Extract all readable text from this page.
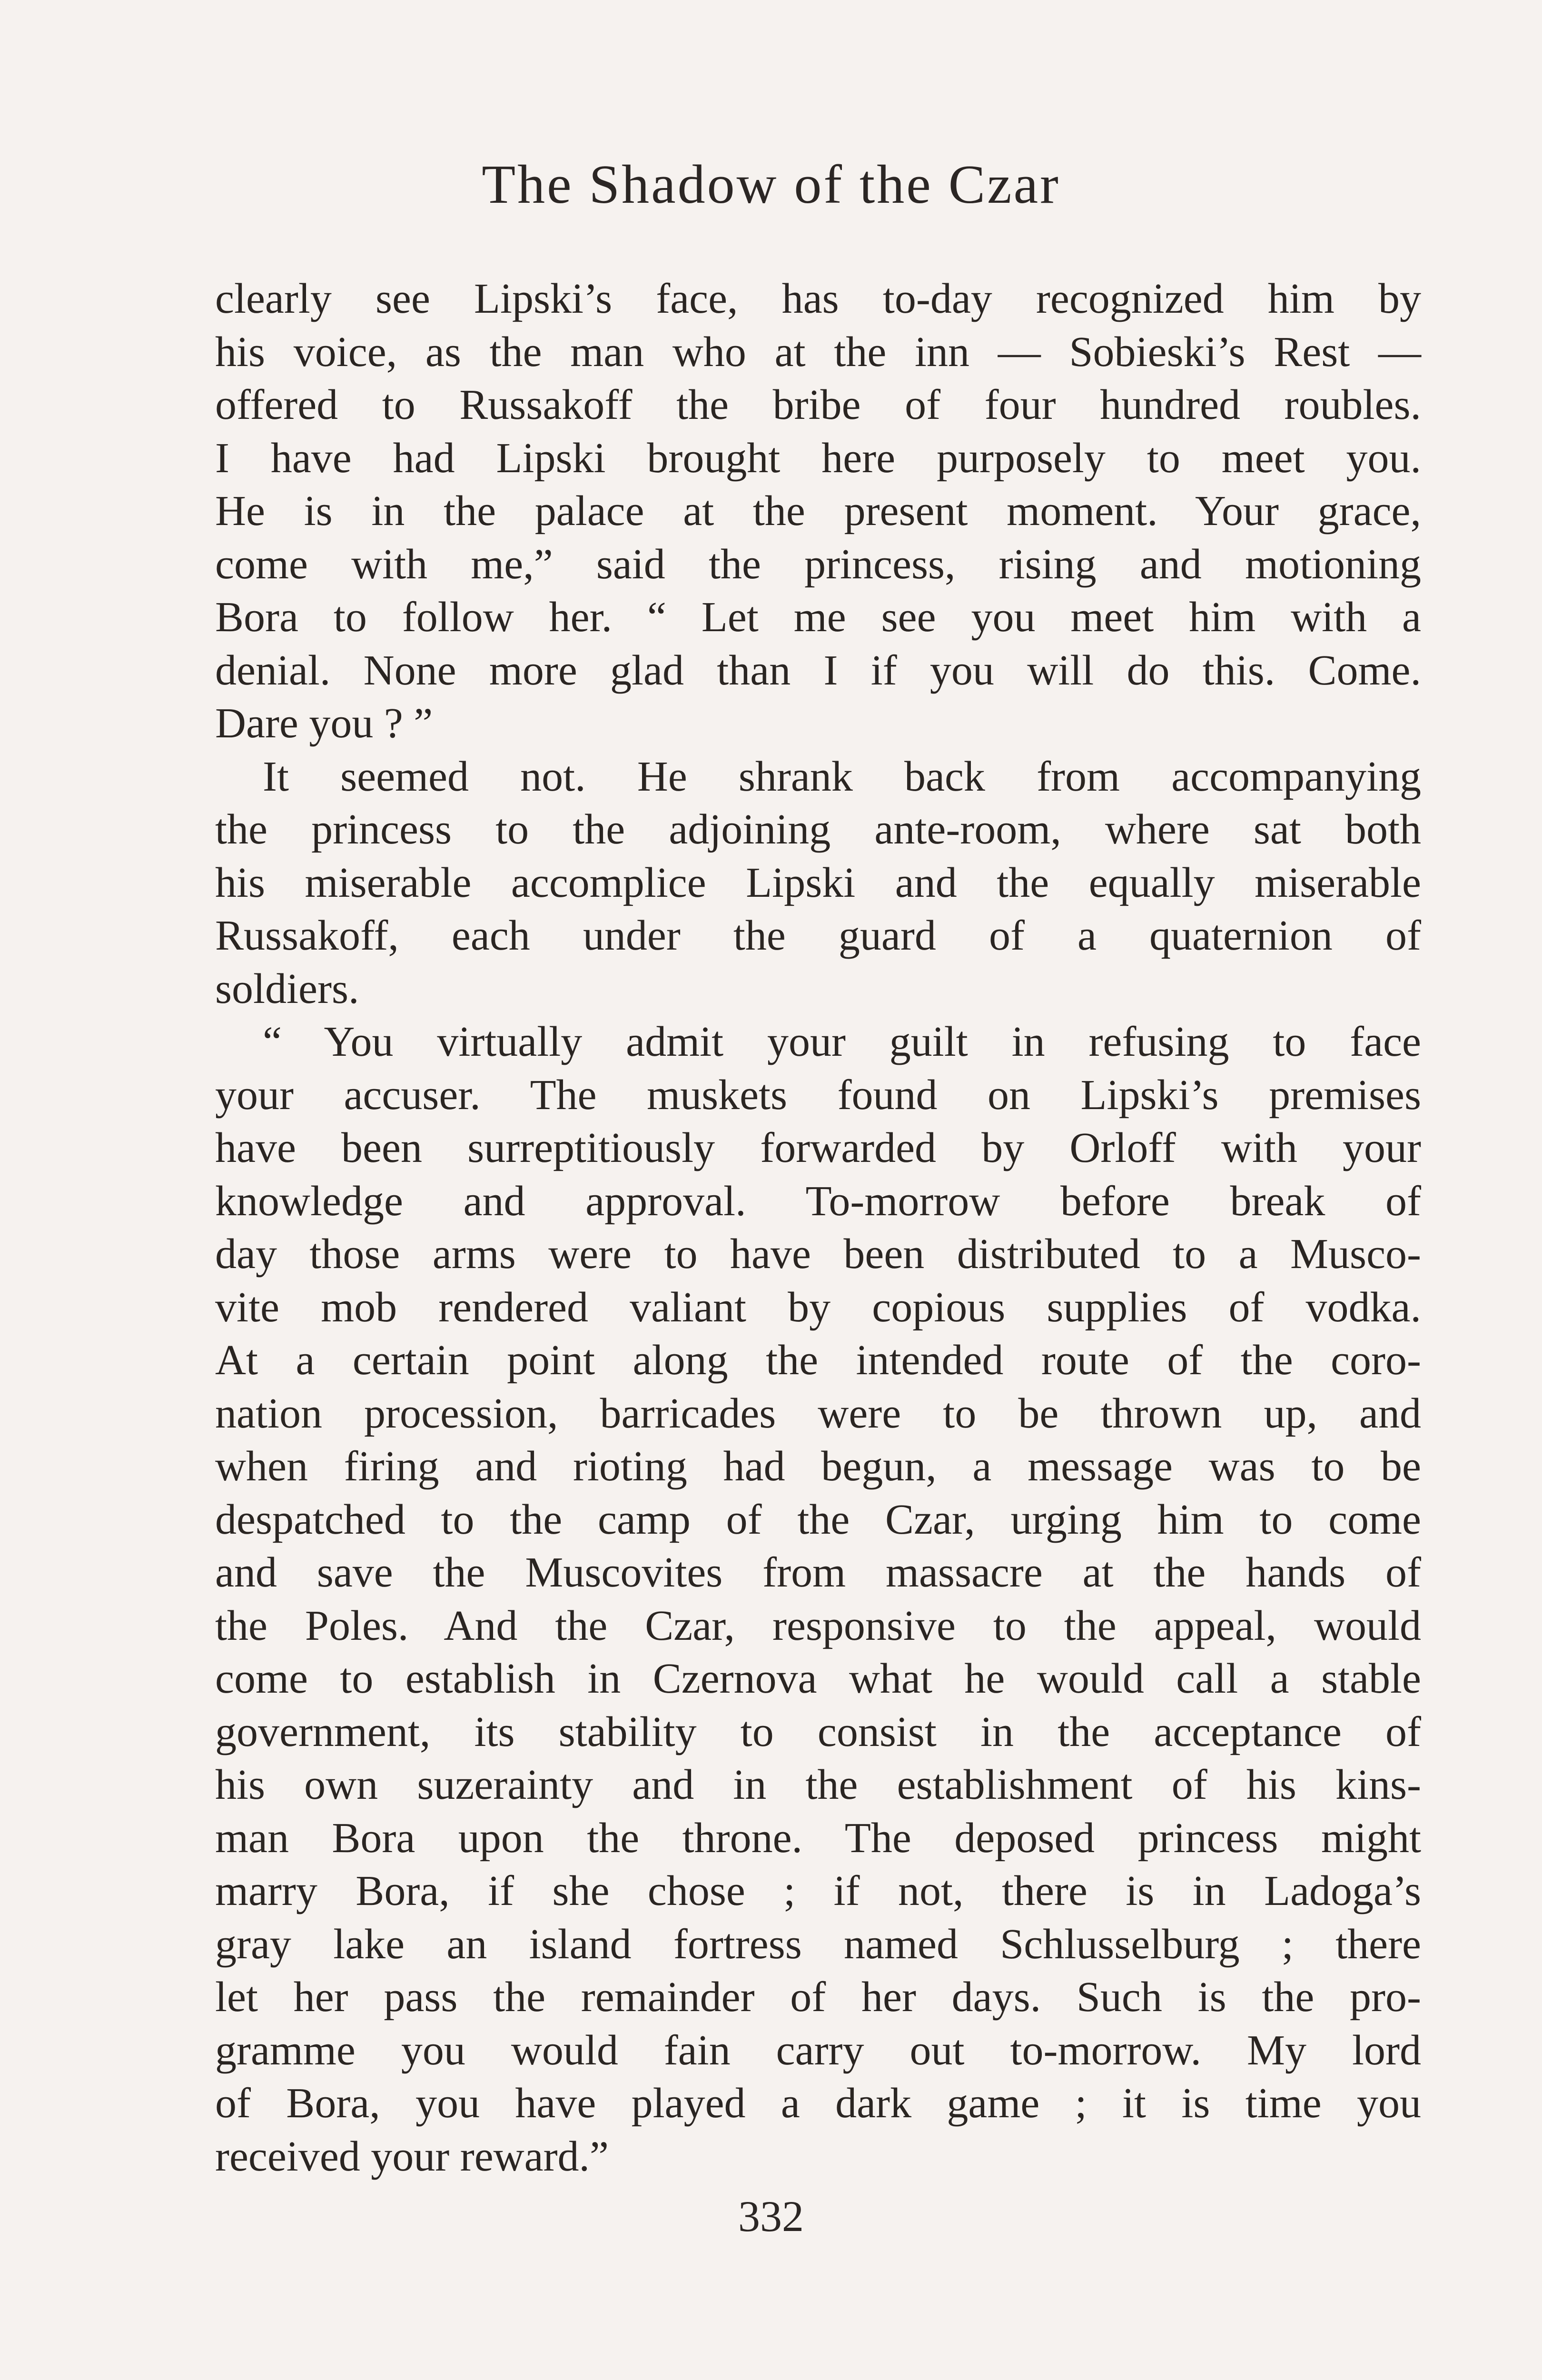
The Shadow of the Czar
clearly see Lipski’s face, has to-day recognized him by
his voice, as the man who at the inn — Sobieski’s Rest —
offered to Russakoff the bribe of four hundred roubles.
I have had Lipski brought here purposely to meet you.
He is in the palace at the present moment. Your grace,
come with me,” said the princess, rising and motioning
Bora to follow her. “ Let me see you meet him with a
denial. None more glad than I if you will do this. Come.
Dare you ? ”
It seemed not. He shrank back from accompanying
the princess to the adjoining ante-room, where sat both
his miserable accomplice Lipski and the equally miserable
Russakoff, each under the guard of a quaternion of
soldiers.
“ You virtually admit your guilt in refusing to face
your accuser. The muskets found on Lipski’s premises
have been surreptitiously forwarded by Orloff with your
knowledge and approval. To-morrow before break of
day those arms were to have been distributed to a Musco-
vite mob rendered valiant by copious supplies of vodka.
At a certain point along the intended route of the coro-
nation procession, barricades were to be thrown up, and
when firing and rioting had begun, a message was to be
despatched to the camp of the Czar, urging him to come
and save the Muscovites from massacre at the hands of
the Poles. And the Czar, responsive to the appeal, would
come to establish in Czernova what he would call a stable
government, its stability to consist in the acceptance of
his own suzerainty and in the establishment of his kins-
man Bora upon the throne. The deposed princess might
marry Bora, if she chose ; if not, there is in Ladoga’s
gray lake an island fortress named Schlusselburg ; there
let her pass the remainder of her days. Such is the pro-
gramme you would fain carry out to-morrow. My lord
of Bora, you have played a dark game ; it is time you
received your reward.”
332
